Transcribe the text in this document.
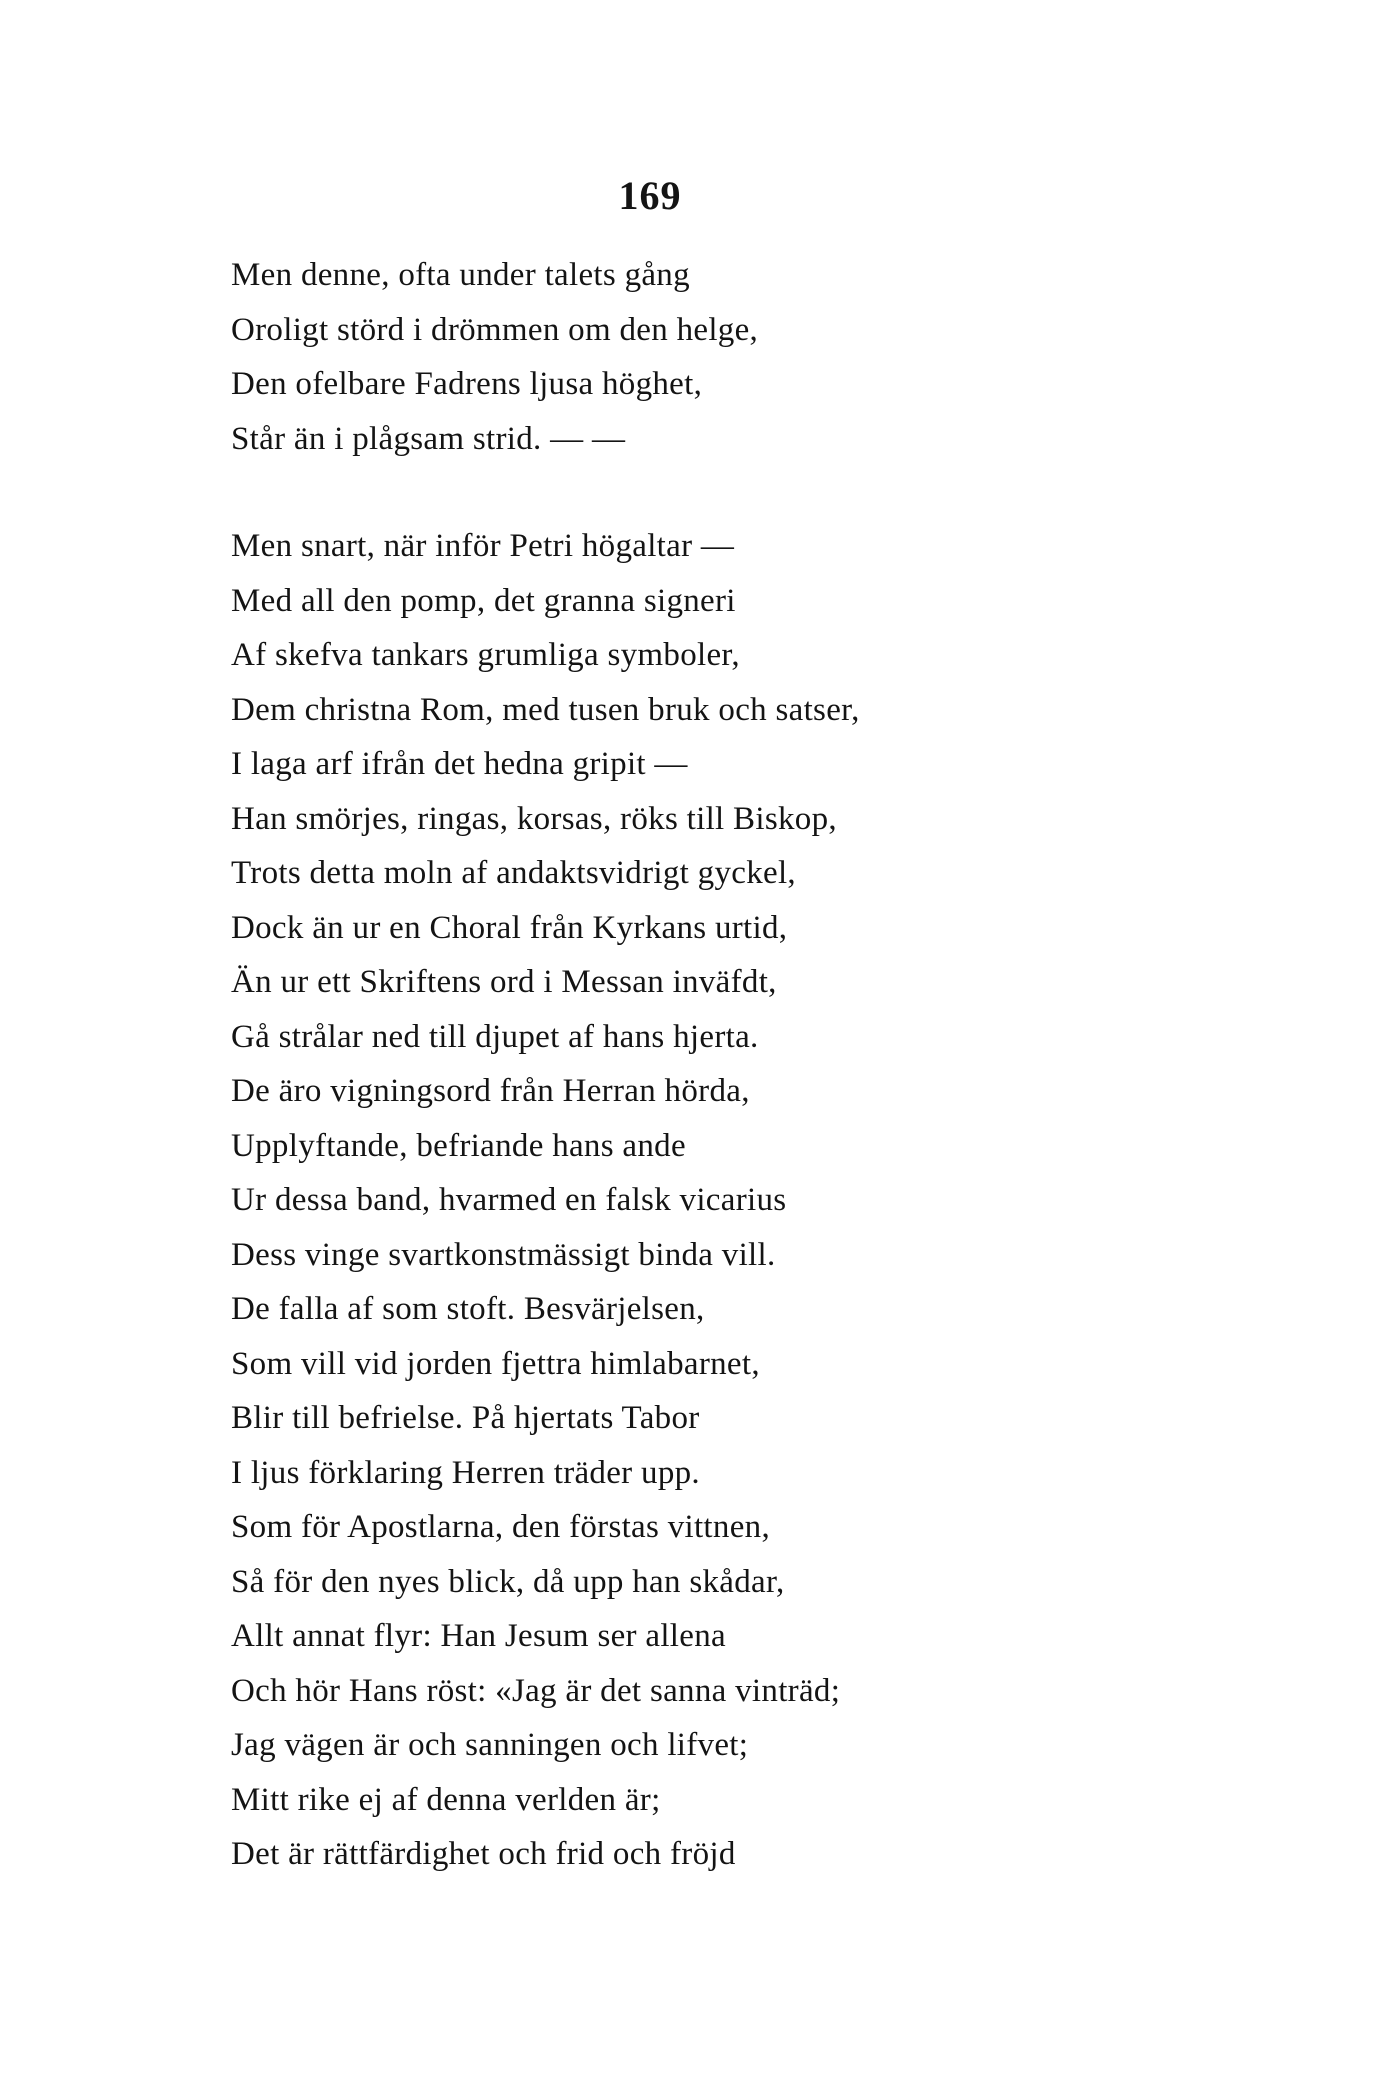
169
Men denne, ofta under talets gång
Oroligt störd i drömmen om den helge,
Den ofelbare Fadrens ljusa höghet,
Står än i plågsam strid. — —
Men snart, när inför Petri högaltar —
Med all den pomp, det granna signeri
Af skefva tankars grumliga symboler,
Dem christna Rom, med tusen bruk och satser,
I laga arf ifrån det hedna gripit —
Han smörjes, ringas, korsas, röks till Biskop,
Trots detta moln af andaktsvidrigt gyckel,
Dock än ur en Choral från Kyrkans urtid,
Än ur ett Skriftens ord i Messan inväfdt,
Gå strålar ned till djupet af hans hjerta.
De äro vigningsord från Herran hörda,
Upplyftande, befriande hans ande
Ur dessa band, hvarmed en falsk vicarius
Dess vinge svartkonstmässigt binda vill.
De falla af som stoft. Besvärjelsen,
Som vill vid jorden fjettra himlabarnet,
Blir till befrielse. På hjertats Tabor
I ljus förklaring Herren träder upp.
Som för Apostlarna, den förstas vittnen,
Så för den nyes blick, då upp han skådar,
Allt annat flyr: Han Jesum ser allena
Och hör Hans röst: «Jag är det sanna vinträd;
Jag vägen är och sanningen och lifvet;
Mitt rike ej af denna verlden är;
Det är rättfärdighet och frid och fröjd
